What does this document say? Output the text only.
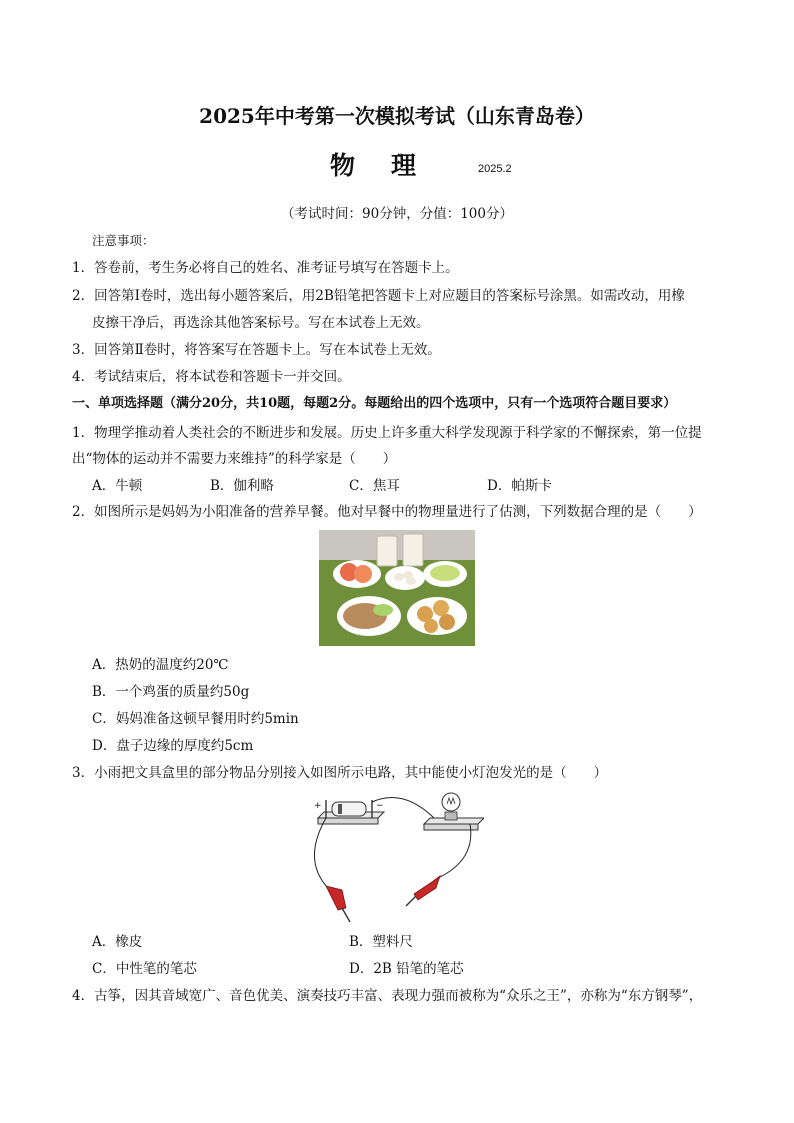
2025年中考第一次模拟考试（山东青岛卷）
物 理	2025.2
（考试时间：90分钟，分值：100分）
注意事项：
1．答卷前，考生务必将自己的姓名、准考证号填写在答题卡上。
2．回答第Ⅰ卷时，选出每小题答案后，用2B铅笔把答题卡上对应题目的答案标号涂黑。如需改动，用橡
皮擦干净后，再选涂其他答案标号。写在本试卷上无效。
3．回答第Ⅱ卷时，将答案写在答题卡上。写在本试卷上无效。
4．考试结束后，将本试卷和答题卡一并交回。
一、单项选择题（满分20分，共10题，每题2分。每题给出的四个选项中，只有一个选项符合题目要求）
1．物理学推动着人类社会的不断进步和发展。历史上许多重大科学发现源于科学家的不懈探索，第一位提
出“物体的运动并不需要力来维持”的科学家是（　　）
A．牛顿	B．伽利略	C．焦耳	D．帕斯卡
2．如图所示是妈妈为小阳准备的营养早餐。他对早餐中的物理量进行了估测，下列数据合理的是（　　）
A．热奶的温度约20℃
B．一个鸡蛋的质量约50g
C．妈妈准备这顿早餐用时约5min
D．盘子边缘的厚度约5cm
3．小雨把文具盒里的部分物品分别接入如图所示电路，其中能使小灯泡发光的是（　　）
+	−
A．橡皮	B．塑料尺
C．中性笔的笔芯	D．2B 铅笔的笔芯
4．古筝，因其音域宽广、音色优美、演奏技巧丰富、表现力强而被称为“众乐之王”，亦称为“东方钢琴”，
